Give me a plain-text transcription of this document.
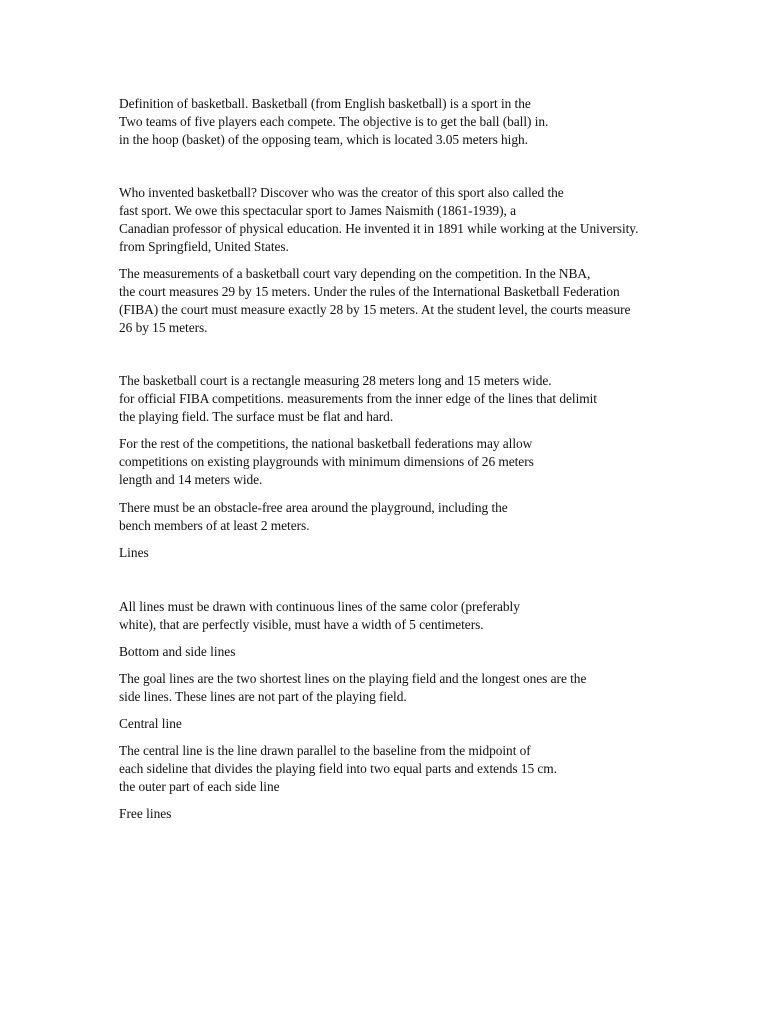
Definition of basketball. Basketball (from English basketball) is a sport in the
Two teams of five players each compete. The objective is to get the ball (ball) in.
in the hoop (basket) of the opposing team, which is located 3.05 meters high.
Who invented basketball? Discover who was the creator of this sport also called the
fast sport. We owe this spectacular sport to James Naismith (1861-1939), a
Canadian professor of physical education. He invented it in 1891 while working at the University.
from Springfield, United States.
The measurements of a basketball court vary depending on the competition. In the NBA,
the court measures 29 by 15 meters. Under the rules of the International Basketball Federation
(FIBA) the court must measure exactly 28 by 15 meters. At the student level, the courts measure
26 by 15 meters.
The basketball court is a rectangle measuring 28 meters long and 15 meters wide.
for official FIBA competitions. measurements from the inner edge of the lines that delimit
the playing field. The surface must be flat and hard.
For the rest of the competitions, the national basketball federations may allow
competitions on existing playgrounds with minimum dimensions of 26 meters
length and 14 meters wide.
There must be an obstacle-free area around the playground, including the
bench members of at least 2 meters.
Lines
All lines must be drawn with continuous lines of the same color (preferably
white), that are perfectly visible, must have a width of 5 centimeters.
Bottom and side lines
The goal lines are the two shortest lines on the playing field and the longest ones are the
side lines. These lines are not part of the playing field.
Central line
The central line is the line drawn parallel to the baseline from the midpoint of
each sideline that divides the playing field into two equal parts and extends 15 cm.
the outer part of each side line
Free lines
